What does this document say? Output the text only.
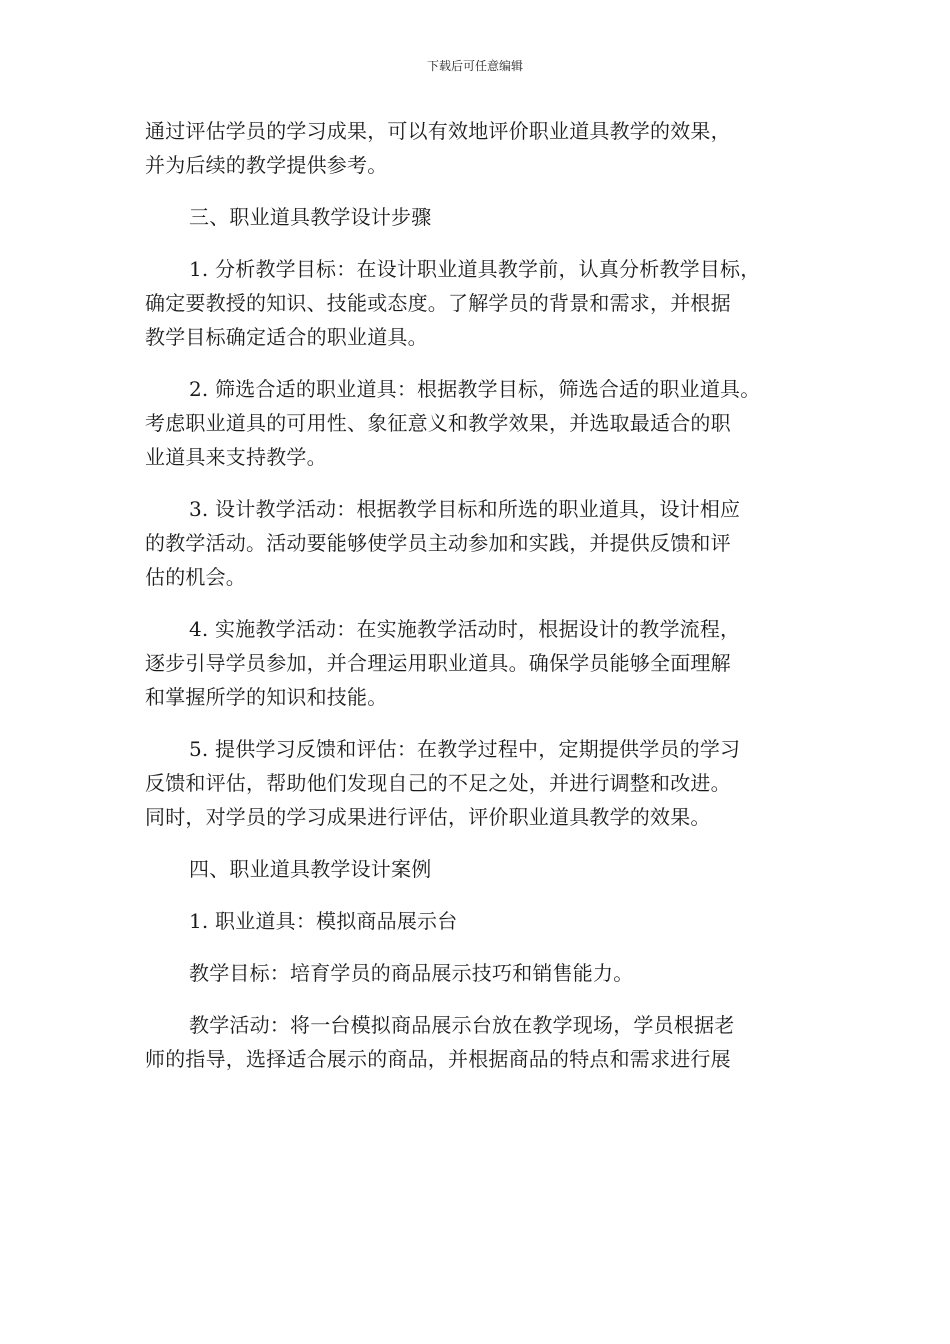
下载后可任意编辑

通过评估学员的学习成果，可以有效地评价职业道具教学的效果，
并为后续的教学提供参考。

三、职业道具教学设计步骤

1. 分析教学目标：在设计职业道具教学前，认真分析教学目标，
确定要教授的知识、技能或态度。了解学员的背景和需求，并根据
教学目标确定适合的职业道具。

2. 筛选合适的职业道具：根据教学目标，筛选合适的职业道具。
考虑职业道具的可用性、象征意义和教学效果，并选取最适合的职
业道具来支持教学。

3. 设计教学活动：根据教学目标和所选的职业道具，设计相应
的教学活动。活动要能够使学员主动参加和实践，并提供反馈和评
估的机会。

4. 实施教学活动：在实施教学活动时，根据设计的教学流程，
逐步引导学员参加，并合理运用职业道具。确保学员能够全面理解
和掌握所学的知识和技能。

5. 提供学习反馈和评估：在教学过程中，定期提供学员的学习
反馈和评估，帮助他们发现自己的不足之处，并进行调整和改进。
同时，对学员的学习成果进行评估，评价职业道具教学的效果。

四、职业道具教学设计案例

1. 职业道具：模拟商品展示台

教学目标：培育学员的商品展示技巧和销售能力。

教学活动：将一台模拟商品展示台放在教学现场，学员根据老
师的指导，选择适合展示的商品，并根据商品的特点和需求进行展
